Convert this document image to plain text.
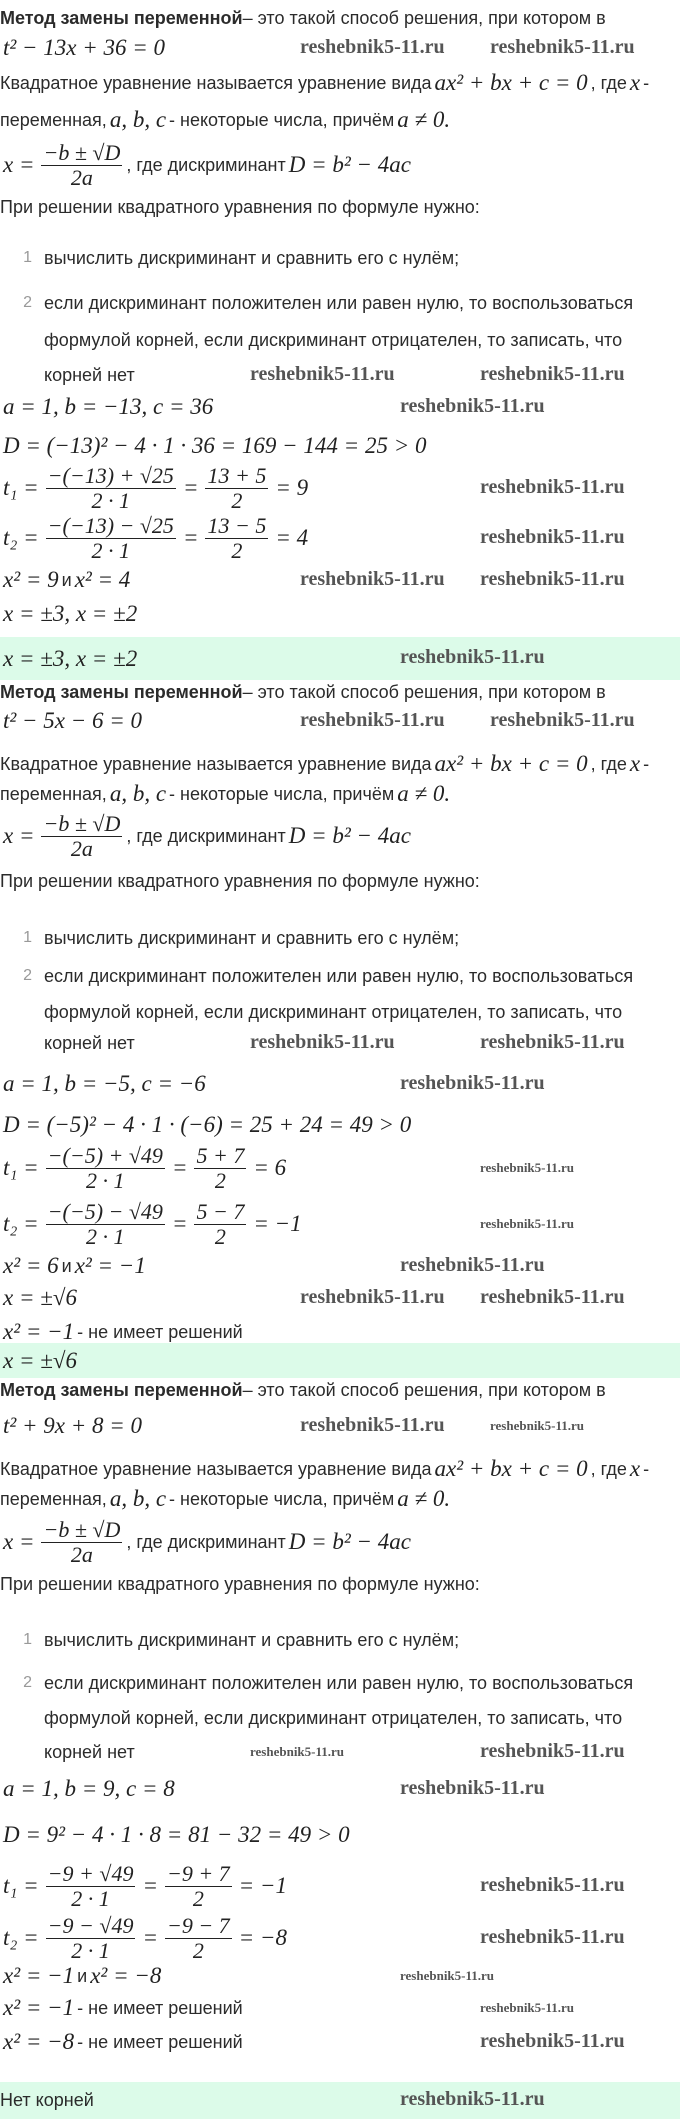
x = ±3, x = ±2
Метод замены переменной – это такой способ решения, при котором в
t² − 13x + 36 = 0
Квадратное уравнение называется уравнение вида ax² + bx + c = 0 , где x -
переменная, a, b, c - некоторые числа, причём a ≠ 0.
$x = \frac{-b \pm √D}{2a}$ , где дискриминант D = b² − 4ac
При решении квадратного уравнения по формуле нужно:
1 вычислить дискриминант и сравнить его с нулём;
2 если дискриминант положителен или равен нулю, то воспользоваться
формулой корней, если дискриминант отрицателен, то записать, что
корней нет
a = 1, b = −13, c = 36
D = (−13)² − 4 · 1 · 36 = 169 − 144 = 25 > 0
$t_1 = \frac{-(-13) + √25}{2 \cdot 1} = \frac{13 + 5}{2} = 9$
$t_2 = \frac{-(-13) - √25}{2 \cdot 1} = \frac{13 - 5}{2} = 4$
x² = 9 и x² = 4
x = ±3, x = ±2
x = ±√6
Метод замены переменной – это такой способ решения, при котором в
t² − 5x − 6 = 0
Квадратное уравнение называется уравнение вида ax² + bx + c = 0 , где x -
переменная, a, b, c - некоторые числа, причём a ≠ 0.
$x = \frac{-b \pm √D}{2a}$ , где дискриминант D = b² − 4ac
При решении квадратного уравнения по формуле нужно:
1 вычислить дискриминант и сравнить его с нулём;
2 если дискриминант положителен или равен нулю, то воспользоваться
формулой корней, если дискриминант отрицателен, то записать, что
корней нет
a = 1, b = −5, c = −6
D = (−5)² − 4 · 1 · (−6) = 25 + 24 = 49 > 0
$t_1 = \frac{-(-5) + √49}{2 \cdot 1} = \frac{5 + 7}{2} = 6$
$t_2 = \frac{-(-5) - √49}{2 \cdot 1} = \frac{5 - 7}{2} = -1$
x² = 6 и x² = −1
x = ±√6
x² = −1 - не имеет решений
Нет корней
Метод замены переменной – это такой способ решения, при котором в
t² + 9x + 8 = 0
Квадратное уравнение называется уравнение вида ax² + bx + c = 0 , где x -
переменная, a, b, c - некоторые числа, причём a ≠ 0.
$x = \frac{-b \pm √D}{2a}$ , где дискриминант D = b² − 4ac
При решении квадратного уравнения по формуле нужно:
1 вычислить дискриминант и сравнить его с нулём;
2 если дискриминант положителен или равен нулю, то воспользоваться
формулой корней, если дискриминант отрицателен, то записать, что
корней нет
a = 1, b = 9, c = 8
D = 9² − 4 · 1 · 8 = 81 − 32 = 49 > 0
$t_1 = \frac{-9 + √49}{2 \cdot 1} = \frac{-9 + 7}{2} = -1$
$t_2 = \frac{-9 - √49}{2 \cdot 1} = \frac{-9 - 7}{2} = -8$
x² = −1 и x² = −8
x² = −1 - не имеет решений
x² = −8 - не имеет решений
reshebnik5-11.ru reshebnik5-11.ru
reshebnik5-11.ru	reshebnik5-11.ru
reshebnik5-11.ru
reshebnik5-11.ru
reshebnik5-11.ru
reshebnik5-11.ru reshebnik5-11.ru
reshebnik5-11.ru
reshebnik5-11.ru reshebnik5-11.ru
reshebnik5-11.ru	reshebnik5-11.ru
reshebnik5-11.ru
reshebnik5-11.ru
reshebnik5-11.ru
reshebnik5-11.ru
reshebnik5-11.ru reshebnik5-11.ru
reshebnik5-11.ru	reshebnik5-11.ru
reshebnik5-11.ru	reshebnik5-11.ru
reshebnik5-11.ru
reshebnik5-11.ru
reshebnik5-11.ru
reshebnik5-11.ru
reshebnik5-11.ru
reshebnik5-11.ru
reshebnik5-11.ru
